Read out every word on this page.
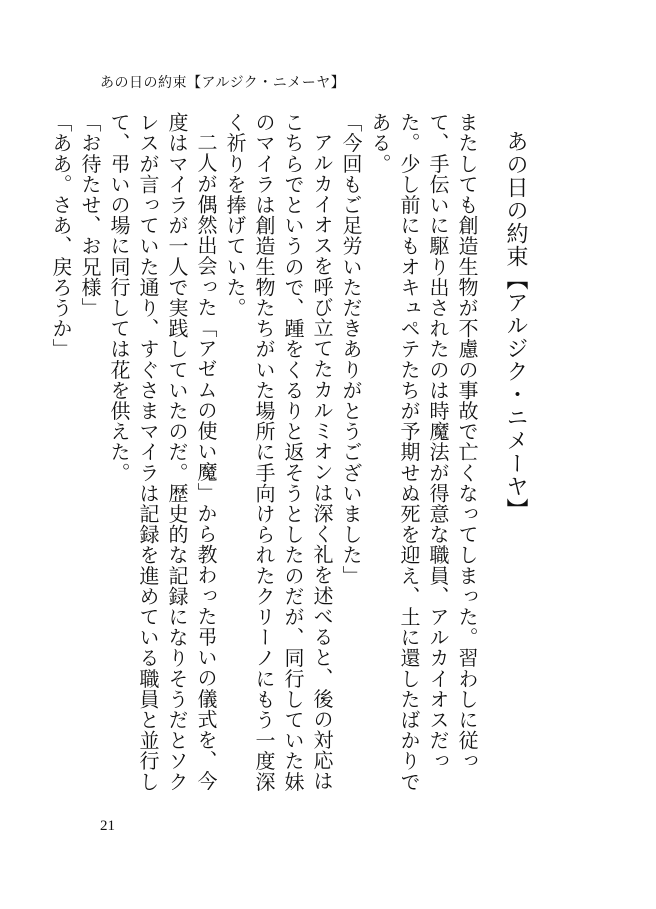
あの日の約束【アルジク・ニメーヤ】
あの日の約束【アルジク・ニメーヤ】

またしても創造生物が不慮の事故で亡くなってしまった。習わしに従って、手伝いに駆り出されたのは時魔法が得意な職員、アルカイオスだった。少し前にもオキュペテたちが予期せぬ死を迎え、土に還したばかりである。

「今回もご足労いただきありがとうございました」

アルカイオスを呼び立てたカルミオンは深く礼を述べると、後の対応はこちらでというので、踵をくるりと返そうとしたのだが、同行していた妹のマイラは創造生物たちがいた場所に手向けられたクリーノにもう一度深く祈りを捧げていた。

二人が偶然出会った「アゼムの使い魔」から教わった弔いの儀式を、今度はマイラが一人で実践していたのだ。歴史的な記録になりそうだとソクレスが言っていた通り、すぐさまマイラは記録を進めている職員と並行して、弔いの場に同行しては花を供えた。

「お待たせ、お兄様」

「ああ。さあ、戻ろうか」

21
